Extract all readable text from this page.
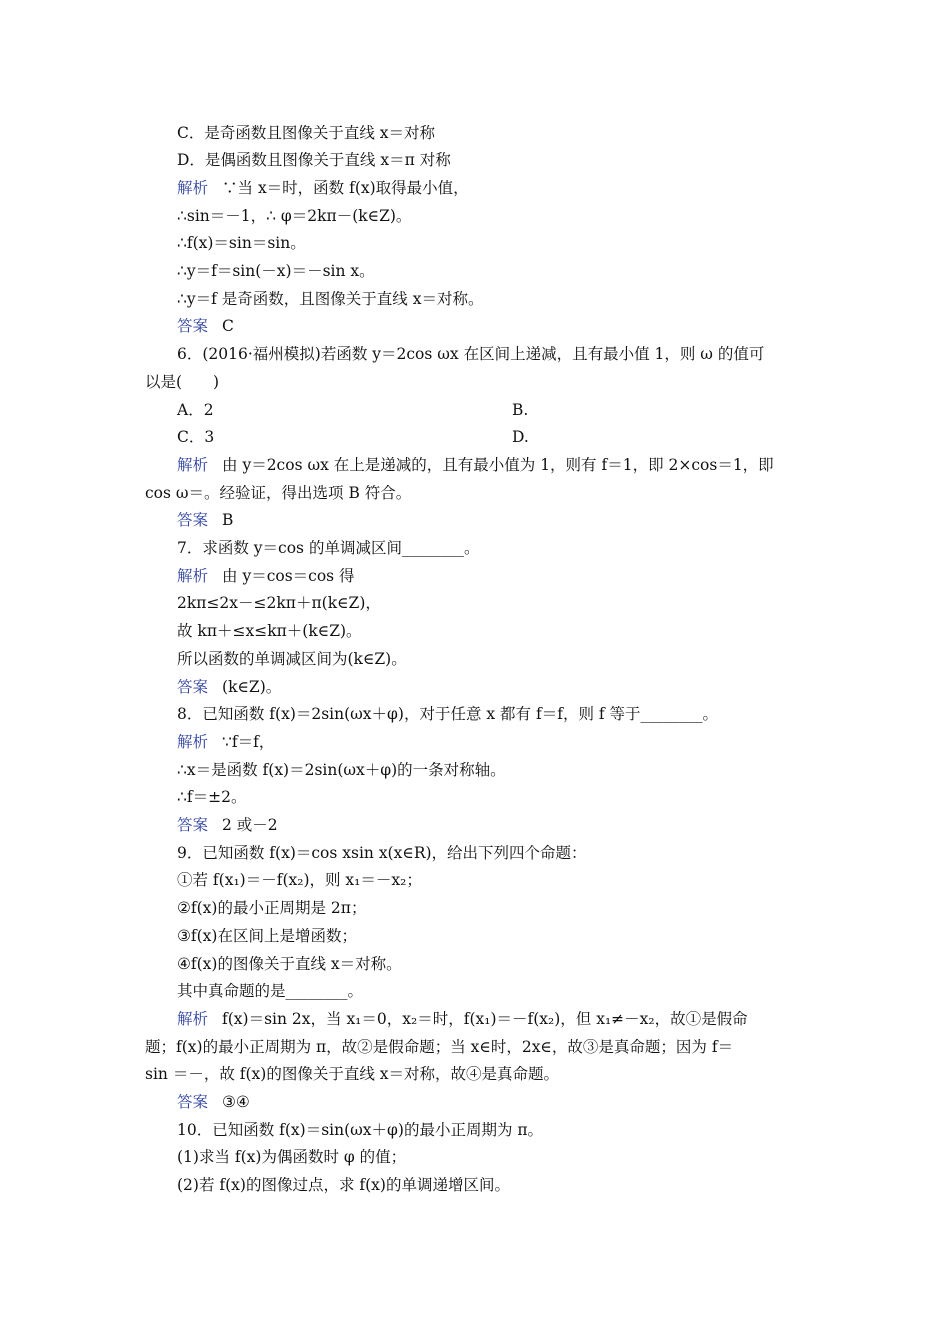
C．是奇函数且图像关于直线 x＝对称
D．是偶函数且图像关于直线 x＝π 对称
解析 ∵当 x＝时，函数 f(x)取得最小值，
∴sin＝－1，∴ φ＝2kπ－(k∈Z)。
∴f(x)＝sin＝sin。
∴y＝f＝sin(－x)＝－sin x。
∴y＝f 是奇函数，且图像关于直线 x＝对称。
答案 C
6．(2016·福州模拟)若函数 y＝2cos ωx 在区间上递减，且有最小值 1，则 ω 的值可
以是(　　)
A．2	B.
C．3	D.
解析 由 y＝2cos ωx 在上是递减的，且有最小值为 1，则有 f＝1，即 2×cos＝1，即
cos ω＝。经验证，得出选项 B 符合。
答案 B
7．求函数 y＝cos 的单调减区间________。
解析 由 y＝cos＝cos 得
2kπ≤2x－≤2kπ＋π(k∈Z)，
故 kπ＋≤x≤kπ＋(k∈Z)。
所以函数的单调减区间为(k∈Z)。
答案 (k∈Z)。
8．已知函数 f(x)＝2sin(ωx＋φ)，对于任意 x 都有 f＝f，则 f 等于________。
解析 ∵f＝f，
∴x＝是函数 f(x)＝2sin(ωx＋φ)的一条对称轴。
∴f＝±2。
答案 2 或－2
9．已知函数 f(x)＝cos xsin x(x∈R)，给出下列四个命题：
①若 f(x₁)＝－f(x₂)，则 x₁＝－x₂；
②f(x)的最小正周期是 2π；
③f(x)在区间上是增函数；
④f(x)的图像关于直线 x＝对称。
其中真命题的是________。
解析 f(x)＝sin 2x，当 x₁＝0，x₂＝时，f(x₁)＝－f(x₂)，但 x₁≠－x₂，故①是假命
题；f(x)的最小正周期为 π，故②是假命题；当 x∈时，2x∈，故③是真命题；因为 f＝
sin ＝－，故 f(x)的图像关于直线 x＝对称，故④是真命题。
答案 ③④
10．已知函数 f(x)＝sin(ωx＋φ)的最小正周期为 π。
(1)求当 f(x)为偶函数时 φ 的值；
(2)若 f(x)的图像过点，求 f(x)的单调递增区间。
